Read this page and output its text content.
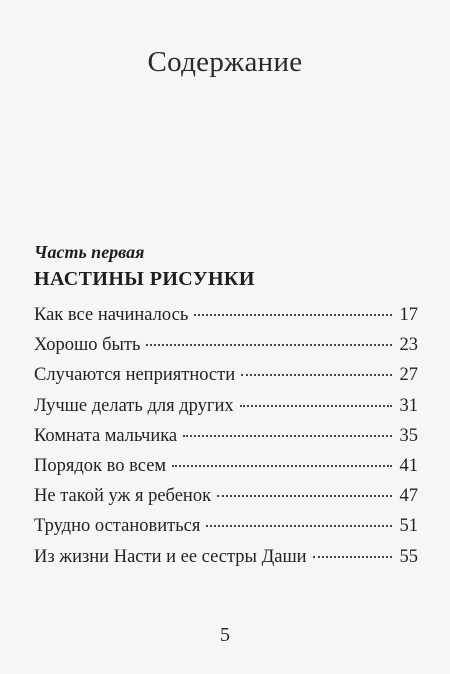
Содержание
Часть первая
НАСТИНЫ РИСУНКИ
Как все начиналось	17
Хорошо быть	23
Случаются неприятности	27
Лучше делать для других	31
Комната мальчика	35
Порядок во всем	41
Не такой уж я ребенок	47
Трудно остановиться	51
Из жизни Насти и ее сестры Даши	55
5
